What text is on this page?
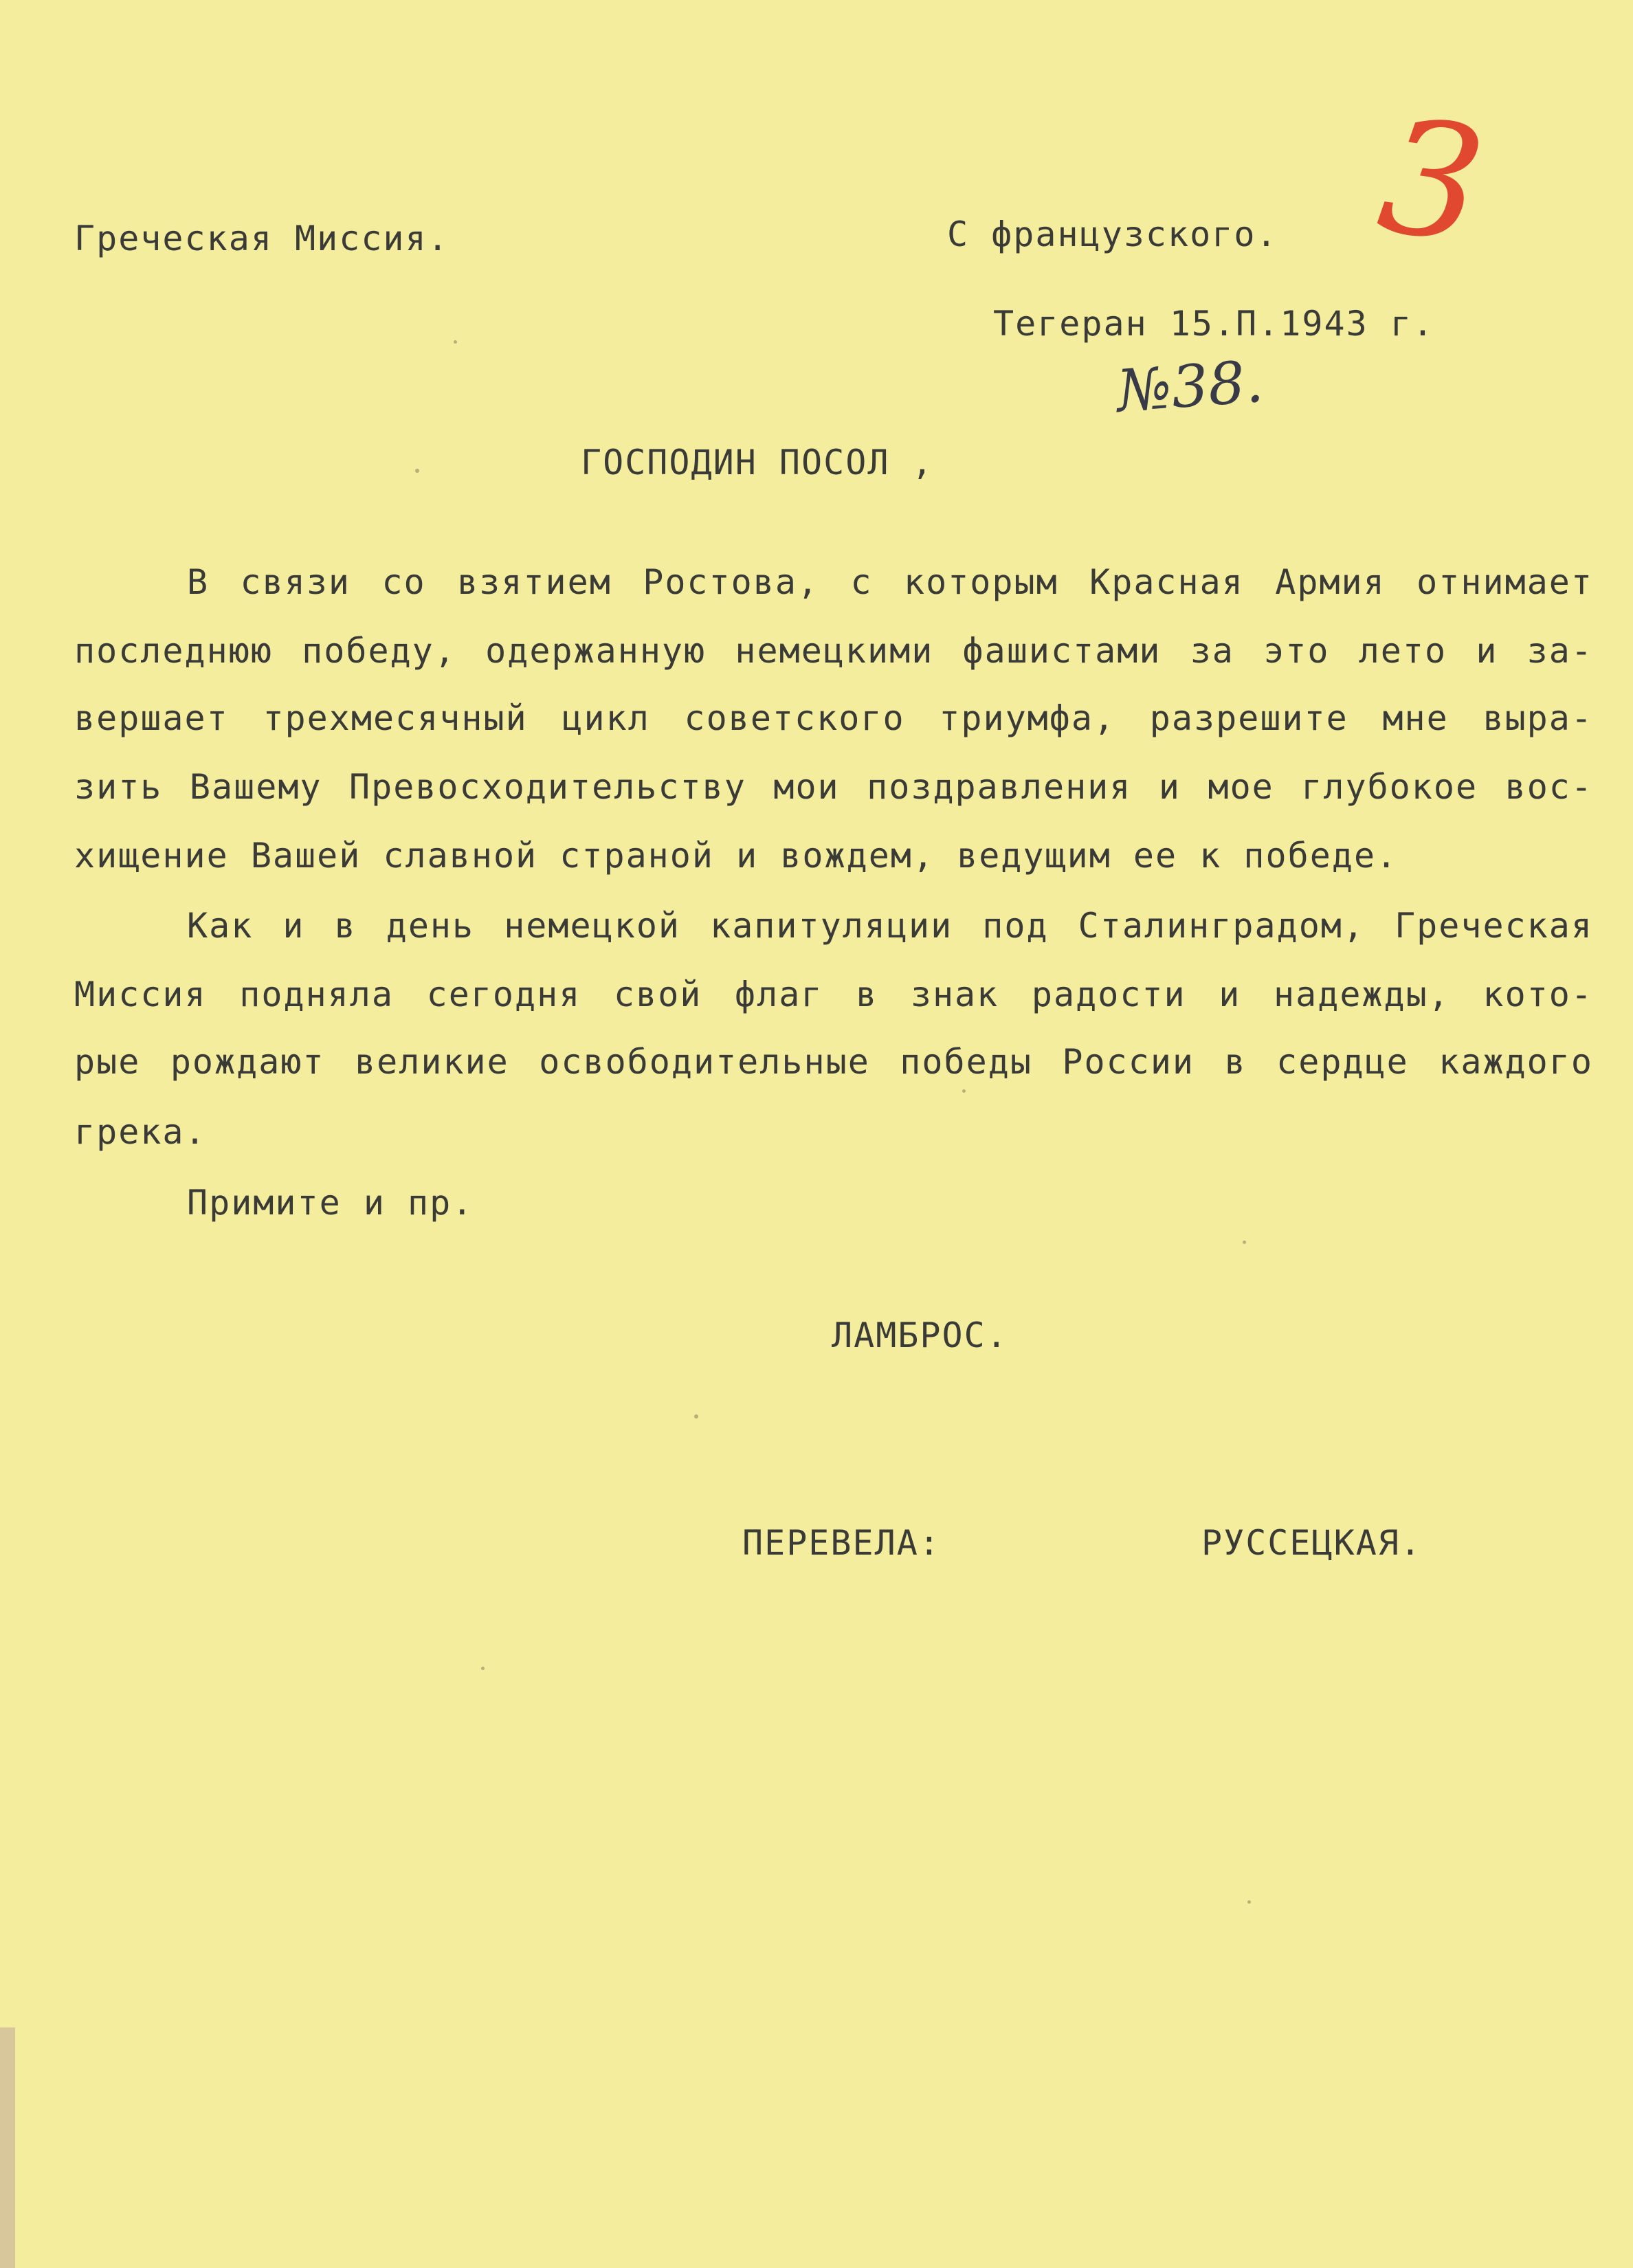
Греческая Миссия.	С французского.

Тегеран 15.П.1943 г.

3
№38.

ГОСПОДИН ПОСОЛ ,

В связи со взятием Ростова, с которым Красная Армия отнимает
последнюю победу, одержанную немецкими фашистами за это лето и за-
вершает трехмесячный цикл советского триумфа, разрешите мне выра-
зить Вашему Превосходительству мои поздравления и мое глубокое вос-
хищение Вашей славной страной и вождем, ведущим ее к победе.
Как и в день немецкой капитуляции под Сталинградом, Греческая
Миссия подняла сегодня свой флаг в знак радости и надежды, кото-
рые рождают великие освободительные победы России в сердце каждого
грека.

Примите и пр.

ЛАМБРОС.

ПЕРЕВЕЛА:	РУССЕЦКАЯ.
